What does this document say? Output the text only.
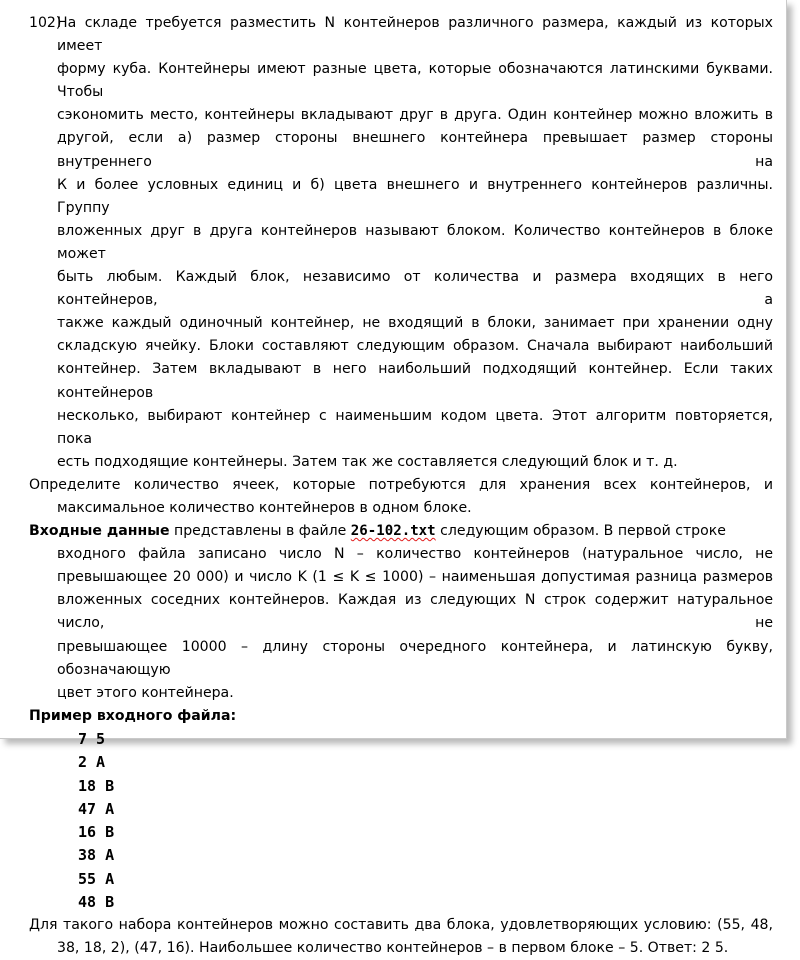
102)
На складе требуется разместить N контейнеров различного размера, каждый из которых имеет
форму куба. Контейнеры имеют разные цвета, которые обозначаются латинскими буквами. Чтобы
сэкономить место, контейнеры вкладывают друг в друга. Один контейнер можно вложить в
другой, если а) размер стороны внешнего контейнера превышает размер стороны внутреннего на
К и более условных единиц и б) цвета внешнего и внутреннего контейнеров различны. Группу
вложенных друг в друга контейнеров называют блоком. Количество контейнеров в блоке может
быть любым. Каждый блок, независимо от количества и размера входящих в него контейнеров, а
также каждый одиночный контейнер, не входящий в блоки, занимает при хранении одну
складскую ячейку. Блоки составляют следующим образом. Сначала выбирают наибольший
контейнер. Затем вкладывают в него наибольший подходящий контейнер. Если таких контейнеров
несколько, выбирают контейнер с наименьшим кодом цвета. Этот алгоритм повторяется, пока
есть подходящие контейнеры. Затем так же составляется следующий блок и т. д.
Определите количество ячеек, которые потребуются для хранения всех контейнеров, и
максимальное количество контейнеров в одном блоке.
Входные данные представлены в файле 26-102.txt следующим образом. В первой строке
входного файла записано число N – количество контейнеров (натуральное число, не
превышающее 20 000) и число K (1 ≤ K ≤ 1000) – наименьшая допустимая разница размеров
вложенных соседних контейнеров. Каждая из следующих N строк содержит натуральное число, не
превышающее 10000 – длину стороны очередного контейнера, и латинскую букву, обозначающую
цвет этого контейнера.
Пример входного файла:
7 5
2 A
18 B
47 A
16 B
38 A
55 A
48 B
Для такого набора контейнеров можно составить два блока, удовлетворяющих условию: (55, 48,
38, 18, 2), (47, 16). Наибольшее количество контейнеров – в первом блоке – 5. Ответ: 2 5.
